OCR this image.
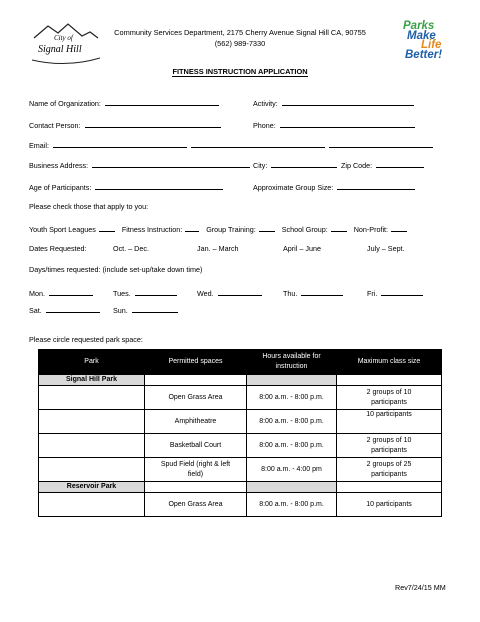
City of
Signal Hill
Community Services Department, 2175 Cherry Avenue Signal Hill CA, 90755
(562) 989-7330
Parks
Make
Life
Better!
FITNESS INSTRUCTION APPLICATION
Name of Organization:	Activity:
Contact Person:	Phone:
Email:
Business Address:	City:	Zip Code:
Age of Participants:	Approximate Group Size:
Please check those that apply to you:
Youth Sport Leagues	Fitness Instruction:	Group Training:	School Group:	Non-Profit:
Dates Requested:	Oct. – Dec.	Jan. – March	April – June	July – Sept.
Days/times requested: (include set-up/take down time)
Mon.	Tues.	Wed.	Thu.	Fri.
Sat.	Sun.
Please circle requested park space:
Park	Permitted spaces	Hours available for instruction	Maximum class size
Signal Hill Park			
	Open Grass Area	8:00 a.m. - 8:00 p.m.	2 groups of 10 participants
	Amphitheatre	8:00 a.m. - 8:00 p.m.	10 participants
	Basketball Court	8:00 a.m. - 8:00 p.m.	2 groups of 10 participants
	Spud Field (right & left field)	8:00 a.m. - 4:00 pm	2 groups of 25 participants
Reservoir Park			
	Open Grass Area	8:00 a.m. - 8:00 p.m.	10 participants
Rev7/24/15 MM
